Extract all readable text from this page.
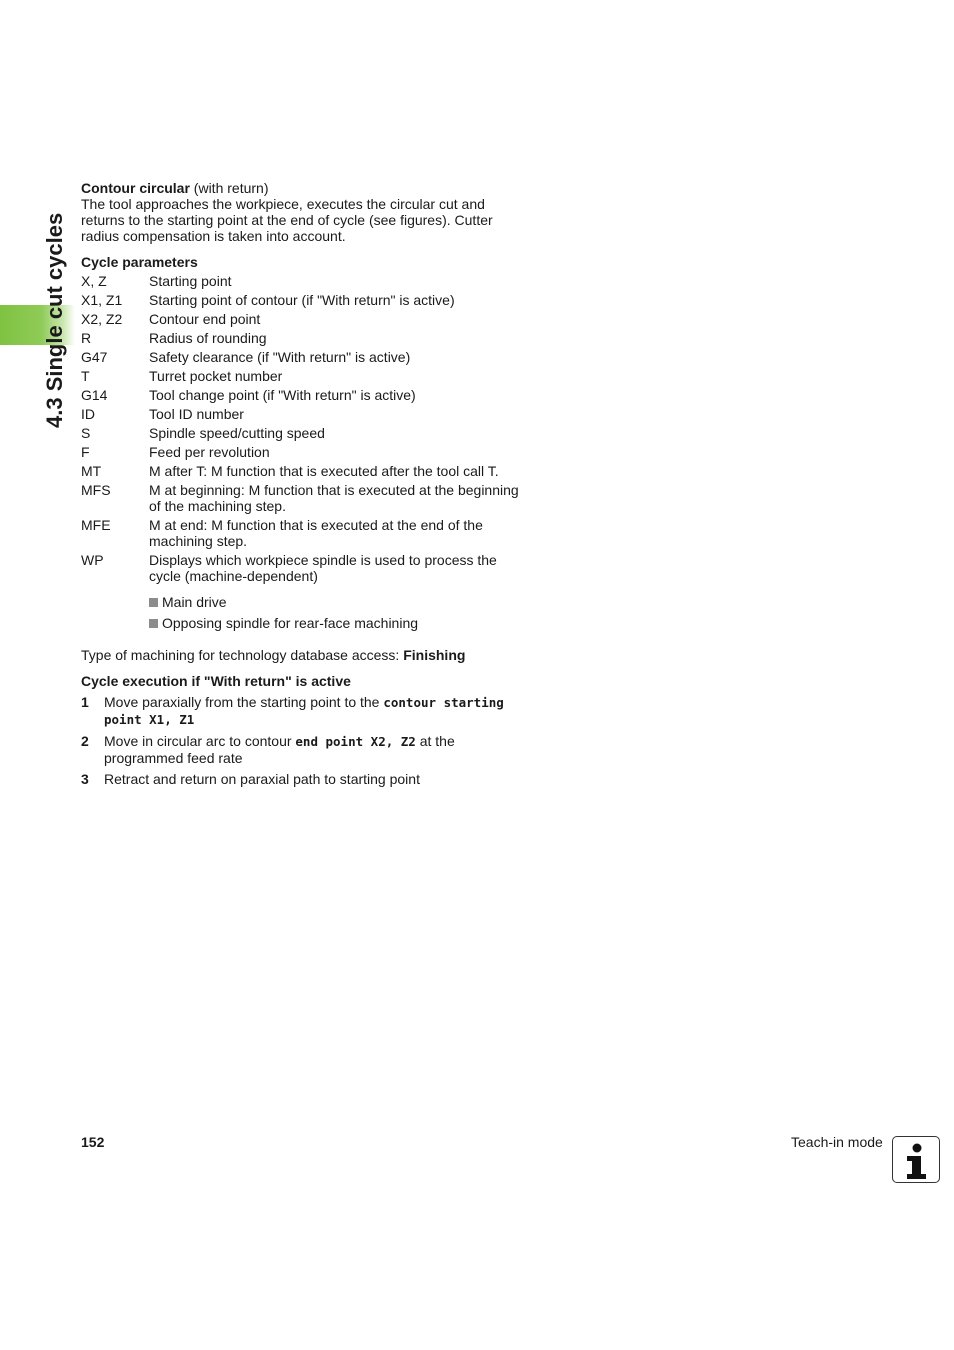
4.3 Single cut cycles

Contour circular (with return)

The tool approaches the workpiece, executes the circular cut and returns to the starting point at the end of cycle (see figures). Cutter radius compensation is taken into account.

Cycle parameters

X, Z	Starting point
X1, Z1	Starting point of contour (if "With return" is active)
X2, Z2	Contour end point
R	Radius of rounding
G47	Safety clearance (if "With return" is active)
T	Turret pocket number
G14	Tool change point (if "With return" is active)
ID	Tool ID number
S	Spindle speed/cutting speed
F	Feed per revolution
MT	M after T: M function that is executed after the tool call T.
MFS	M at beginning: M function that is executed at the beginning of the machining step.
MFE	M at end: M function that is executed at the end of the machining step.
WP	Displays which workpiece spindle is used to process the cycle (machine-dependent)
Main drive
Opposing spindle for rear-face machining

Type of machining for technology database access: Finishing

Cycle execution if "With return" is active

1	Move paraxially from the starting point to the contour starting point X1, Z1
2	Move in circular arc to contour end point X2, Z2 at the programmed feed rate
3	Retract and return on paraxial path to starting point
152	Teach-in mode
